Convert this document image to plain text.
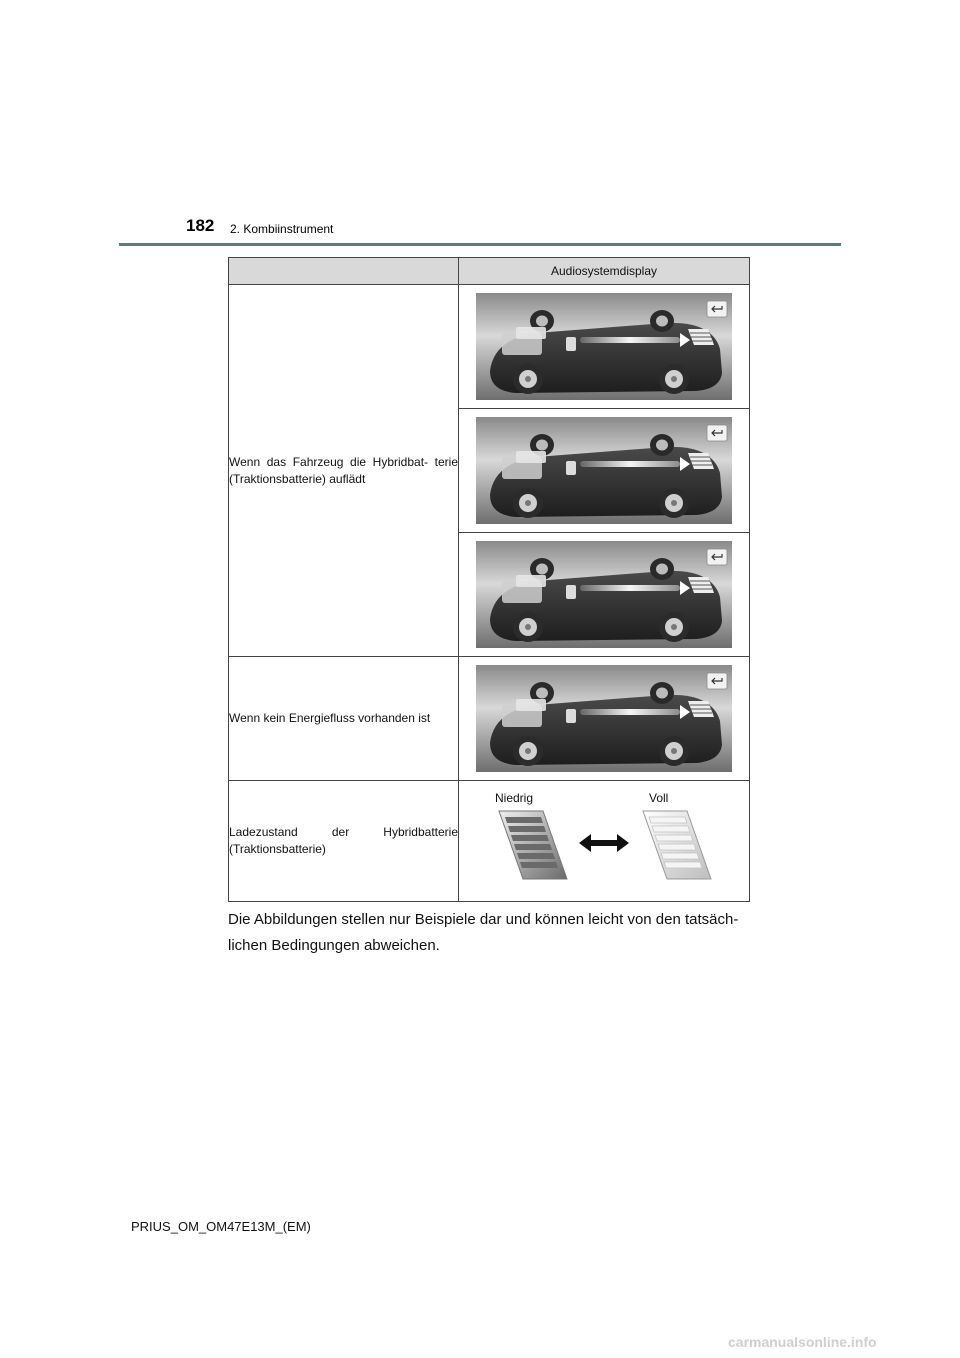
182 2. Kombiinstrument
	Audiosystemdisplay
Wenn das Fahrzeug die Hybridbat- terie (Traktionsbatterie) auflädt	

Wenn kein Energiefluss vorhanden ist	

Ladezustand der Hybridbatterie (Traktionsbatterie)	Niedrig Voll
Die Abbildungen stellen nur Beispiele dar und können leicht von den tatsäch- lichen Bedingungen abweichen.
PRIUS_OM_OM47E13M_(EM)
carmanualsonline.info
